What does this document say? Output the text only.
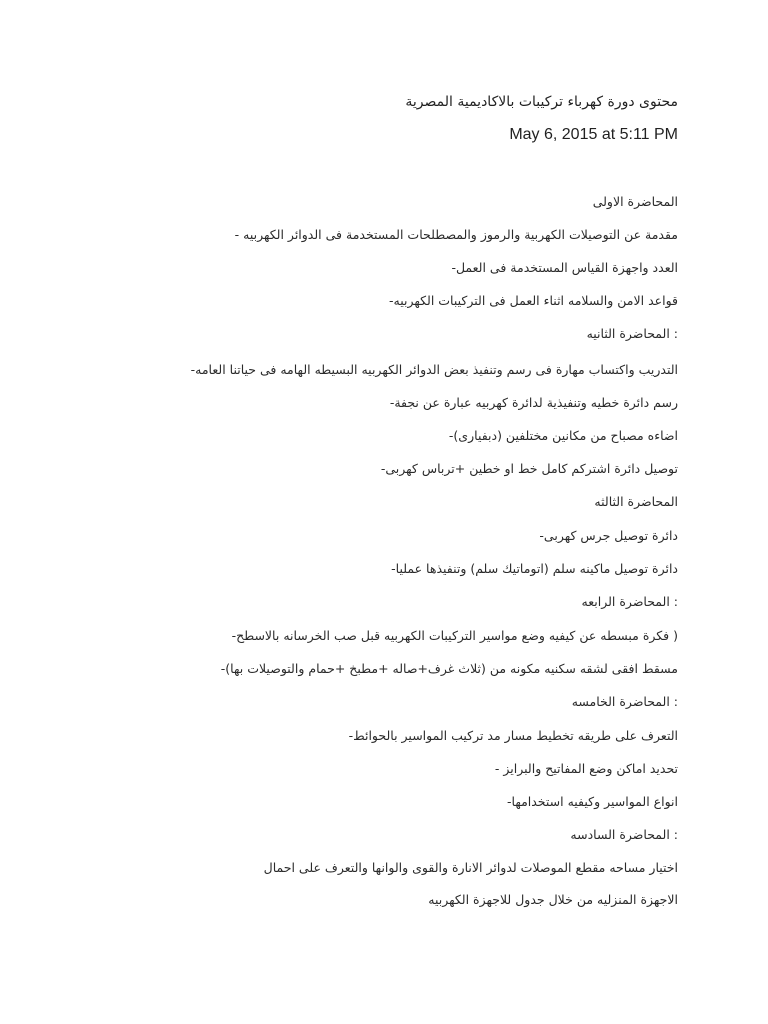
محتوى دورة كهرباء تركيبات بالاكاديمية المصرية
May 6, 2015 at 5:11 PM
المحاضرة الاولى
مقدمة عن التوصيلات الكهربية والرموز والمصطلحات المستخدمة فى الدوائر الكهربيه -
العدد واجهزة القياس المستخدمة فى العمل-
قواعد الامن والسلامه اثناء العمل فى التركيبات الكهربيه-
: المحاضرة الثانيه
التدريب واكتساب مهارة فى رسم وتنفيذ بعض الدوائر الكهربيه البسيطه الهامه فى حياتنا العامه-
رسم دائرة خطيه وتنفيذية لدائرة كهربيه عبارة عن نجفة-
اضاءه مصباح من مكانين مختلفين (دبفيارى)-
توصيل دائرة اشتركم كامل خط او خطين +ترباس كهربى-
المحاضرة الثالثه
دائرة توصيل جرس كهربى-
دائرة توصيل ماكينه سلم (اتوماتيك سلم) وتنفيذها عمليا-
: المحاضرة الرابعه
( فكرة مبسطه عن كيفيه وضع مواسير التركيبات الكهربيه قبل صب الخرسانه بالاسطح-
مسقط افقى لشقه سكنيه مكونه من (ثلاث غرف+صاله +مطبخ +حمام والتوصيلات بها)-
: المحاضرة الخامسه
التعرف على طريقه تخطيط مسار مد تركيب المواسير بالحوائط-
تحديد اماكن وضع المفاتيح والبرايز -
انواع المواسير وكيفيه استخدامها-
: المحاضرة السادسه
اختيار مساحه مقطع الموصلات لدوائر الانارة والقوى والوانها والتعرف على احمال
الاجهزة المنزليه من خلال جدول للاجهزة الكهربيه
